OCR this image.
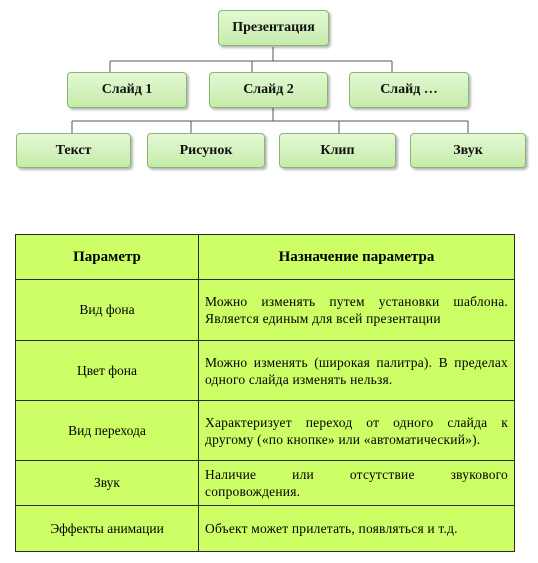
Презентация
Слайд 1	Слайд 2	Слайд …
Текст	Рисунок	Клип	Звук
Параметр	Назначение параметра
Вид фона	Можно изменять путем установки шаблона. Является единым для всей презентации
Цвет фона	Можно изменять (широкая палитра). В пределах одного слайда изменять нельзя.
Вид перехода	Характеризует переход от одного слайда к другому («по кнопке» или «автоматический»).
Звук	Наличие или отсутствие звукового сопровождения.
Эффекты анимации	Объект может прилетать, появляться и т.д.
